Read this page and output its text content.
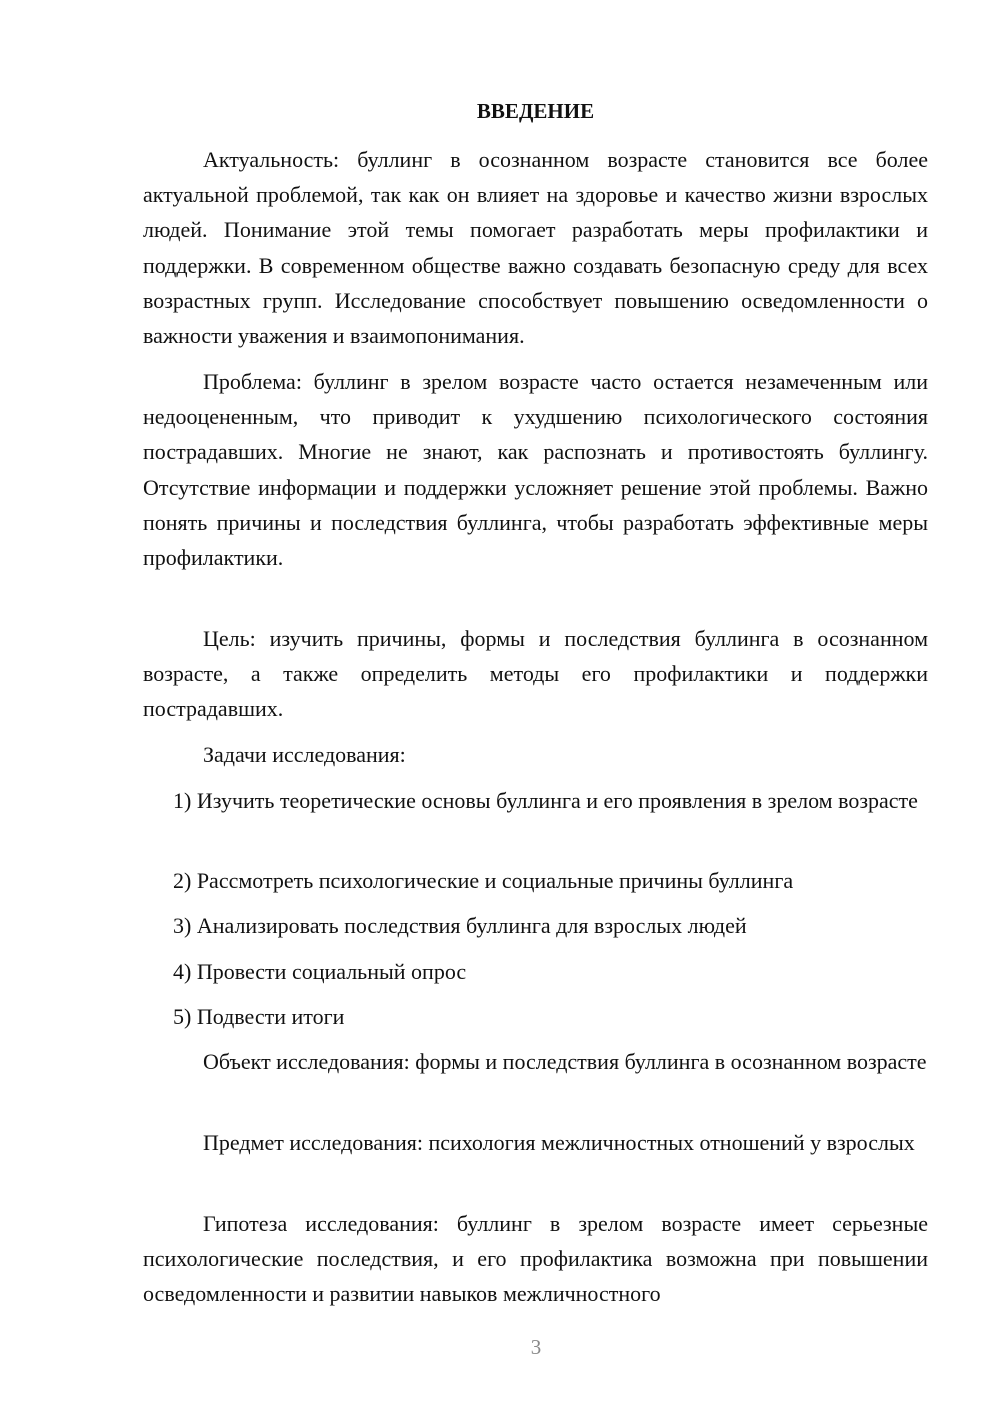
ВВЕДЕНИЕ

Актуальность: буллинг в осознанном возрасте становится все более актуальной проблемой, так как он влияет на здоровье и качество жизни взрослых людей. Понимание этой темы помогает разработать меры профилактики и поддержки. В современном обществе важно создавать безопасную среду для всех возрастных групп. Исследование способствует повышению осведомленности о важности уважения и взаимопонимания.

Проблема: буллинг в зрелом возрасте часто остается незамеченным или недооцененным, что приводит к ухудшению психологического состояния пострадавших. Многие не знают, как распознать и противостоять буллингу. Отсутствие информации и поддержки усложняет решение этой проблемы. Важно понять причины и последствия буллинга, чтобы разработать эффективные меры профилактики.

Цель: изучить причины, формы и последствия буллинга в осознанном возрасте, а также определить методы его профилактики и поддержки пострадавших.

Задачи исследования:

1) Изучить теоретические основы буллинга и его проявления в зрелом возрасте

2) Рассмотреть психологические и социальные причины буллинга

3) Анализировать последствия буллинга для взрослых людей

4) Провести социальный опрос

5) Подвести итоги

Объект исследования: формы и последствия буллинга в осознанном возрасте

Предмет исследования: психология межличностных отношений у взрослых

Гипотеза исследования: буллинг в зрелом возрасте имеет серьезные психологические последствия, и его профилактика возможна при повышении осведомленности и развитии навыков межличностного

3
